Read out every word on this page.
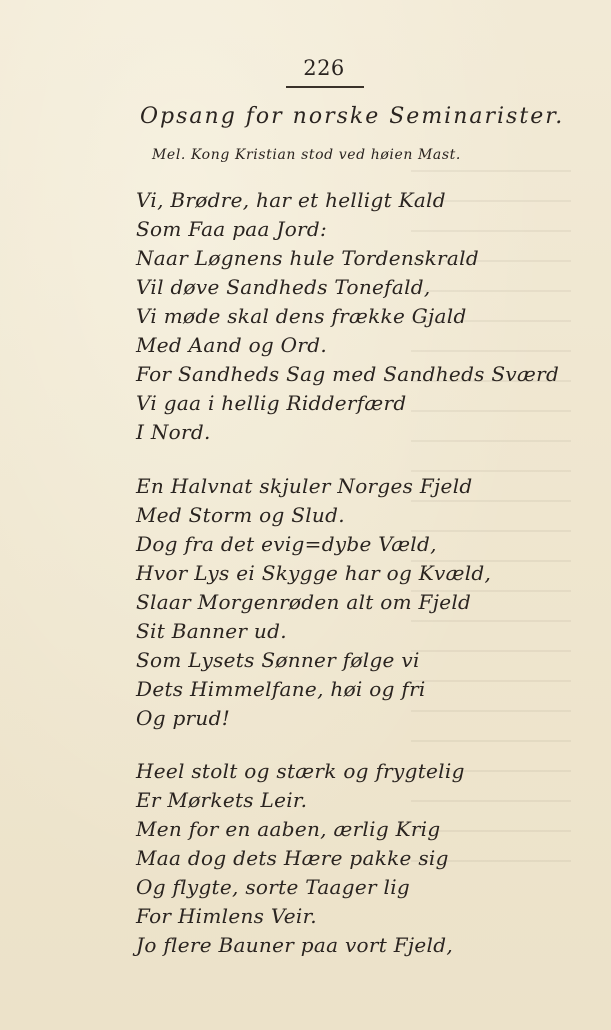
226
Opsang for norske Seminarister.
Mel. Kong Kristian stod ved høien Mast.
Vi, Brødre, har et helligt Kald
Som Faa paa Jord:
Naar Løgnens hule Tordenskrald
Vil døve Sandheds Tonefald,
Vi møde skal dens frække Gjald
Med Aand og Ord.
For Sandheds Sag med Sandheds Sværd
Vi gaa i hellig Ridderfærd
I Nord.
En Halvnat skjuler Norges Fjeld
Med Storm og Slud.
Dog fra det evig=dybe Væld,
Hvor Lys ei Skygge har og Kvæld,
Slaar Morgenrøden alt om Fjeld
Sit Banner ud.
Som Lysets Sønner følge vi
Dets Himmelfane, høi og fri
Og prud!
Heel stolt og stærk og frygtelig
Er Mørkets Leir.
Men for en aaben, ærlig Krig
Maa dog dets Hære pakke sig
Og flygte, sorte Taager lig
For Himlens Veir.
Jo flere Bauner paa vort Fjeld,
